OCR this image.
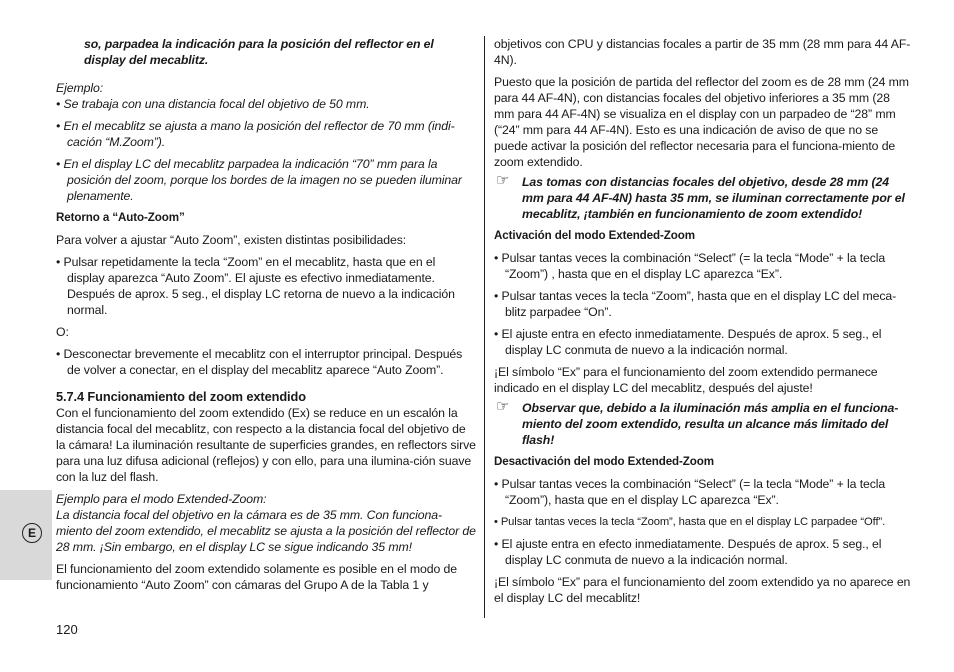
E

so, parpadea la indicación para la posición del reflector en el display del mecablitz.

Ejemplo:

• Se trabaja con una distancia focal del objetivo de 50 mm.

• En el mecablitz se ajusta a mano la posición del reflector de 70 mm (indi-cación “M.Zoom”).

• En el display LC del mecablitz parpadea la indicación “70” mm para la posición del zoom, porque los bordes de la imagen no se pueden iluminar plenamente.

Retorno a “Auto-Zoom”

Para volver a ajustar “Auto Zoom”, existen distintas posibilidades:

• Pulsar repetidamente la tecla “Zoom” en el mecablitz, hasta que en el display aparezca “Auto Zoom”. El ajuste es efectivo inmediatamente. Después de aprox. 5 seg., el display LC retorna de nuevo a la indicación normal.

O:

• Desconectar brevemente el mecablitz con el interruptor principal. Después de volver a conectar, en el display del mecablitz aparece “Auto Zoom”.

5.7.4 Funcionamiento del zoom extendido

Con el funcionamiento del zoom extendido (Ex) se reduce en un escalón la distancia focal del mecablitz, con respecto a la distancia focal del objetivo de la cámara! La iluminación resultante de superficies grandes, en reflectors sirve para una luz difusa adicional (reflejos) y con ello, para una ilumina-ción suave con la luz del flash.

Ejemplo para el modo Extended-Zoom:

La distancia focal del objetivo en la cámara es de 35 mm. Con funciona-miento del zoom extendido, el mecablitz se ajusta a la posición del reflector de 28 mm. ¡Sin embargo, en el display LC se sigue indicando 35 mm!

El funcionamiento del zoom extendido solamente es posible en el modo de funcionamiento “Auto Zoom” con cámaras del Grupo A de la Tabla 1 y

objetivos con CPU y distancias focales a partir de 35 mm (28 mm para 44 AF-4N).

Puesto que la posición de partida del reflector del zoom es de 28 mm (24 mm para 44 AF-4N), con distancias focales del objetivo inferiores a 35 mm (28 mm para 44 AF-4N) se visualiza en el display con un parpadeo de “28” mm (“24” mm para 44 AF-4N). Esto es una indicación de aviso de que no se puede activar la posición del reflector necesaria para el funciona-miento de zoom extendido.

☞ Las tomas con distancias focales del objetivo, desde 28 mm (24 mm para 44 AF-4N) hasta 35 mm, se iluminan correctamente por el mecablitz, ¡también en funcionamiento de zoom extendido!

Activación del modo Extended-Zoom

• Pulsar tantas veces la combinación “Select” (= la tecla “Mode” + la tecla “Zoom”) , hasta que en el display LC aparezca “Ex”.

• Pulsar tantas veces la tecla “Zoom”, hasta que en el display LC del meca-blitz parpadee “On”.

• El ajuste entra en efecto inmediatamente. Después de aprox. 5 seg., el display LC conmuta de nuevo a la indicación normal.

¡El símbolo “Ex” para el funcionamiento del zoom extendido permanece indicado en el display LC del mecablitz, después del ajuste!

☞ Observar que, debido a la iluminación más amplia en el funciona-miento del zoom extendido, resulta un alcance más limitado del flash!

Desactivación del modo Extended-Zoom

• Pulsar tantas veces la combinación “Select” (= la tecla “Mode” + la tecla “Zoom”), hasta que en el display LC aparezca “Ex”.

• Pulsar tantas veces la tecla “Zoom”, hasta que en el display LC parpadee “Off”.

• El ajuste entra en efecto inmediatamente. Después de aprox. 5 seg., el display LC conmuta de nuevo a la indicación normal.

¡El símbolo “Ex” para el funcionamiento del zoom extendido ya no aparece en el display LC del mecablitz!

120
